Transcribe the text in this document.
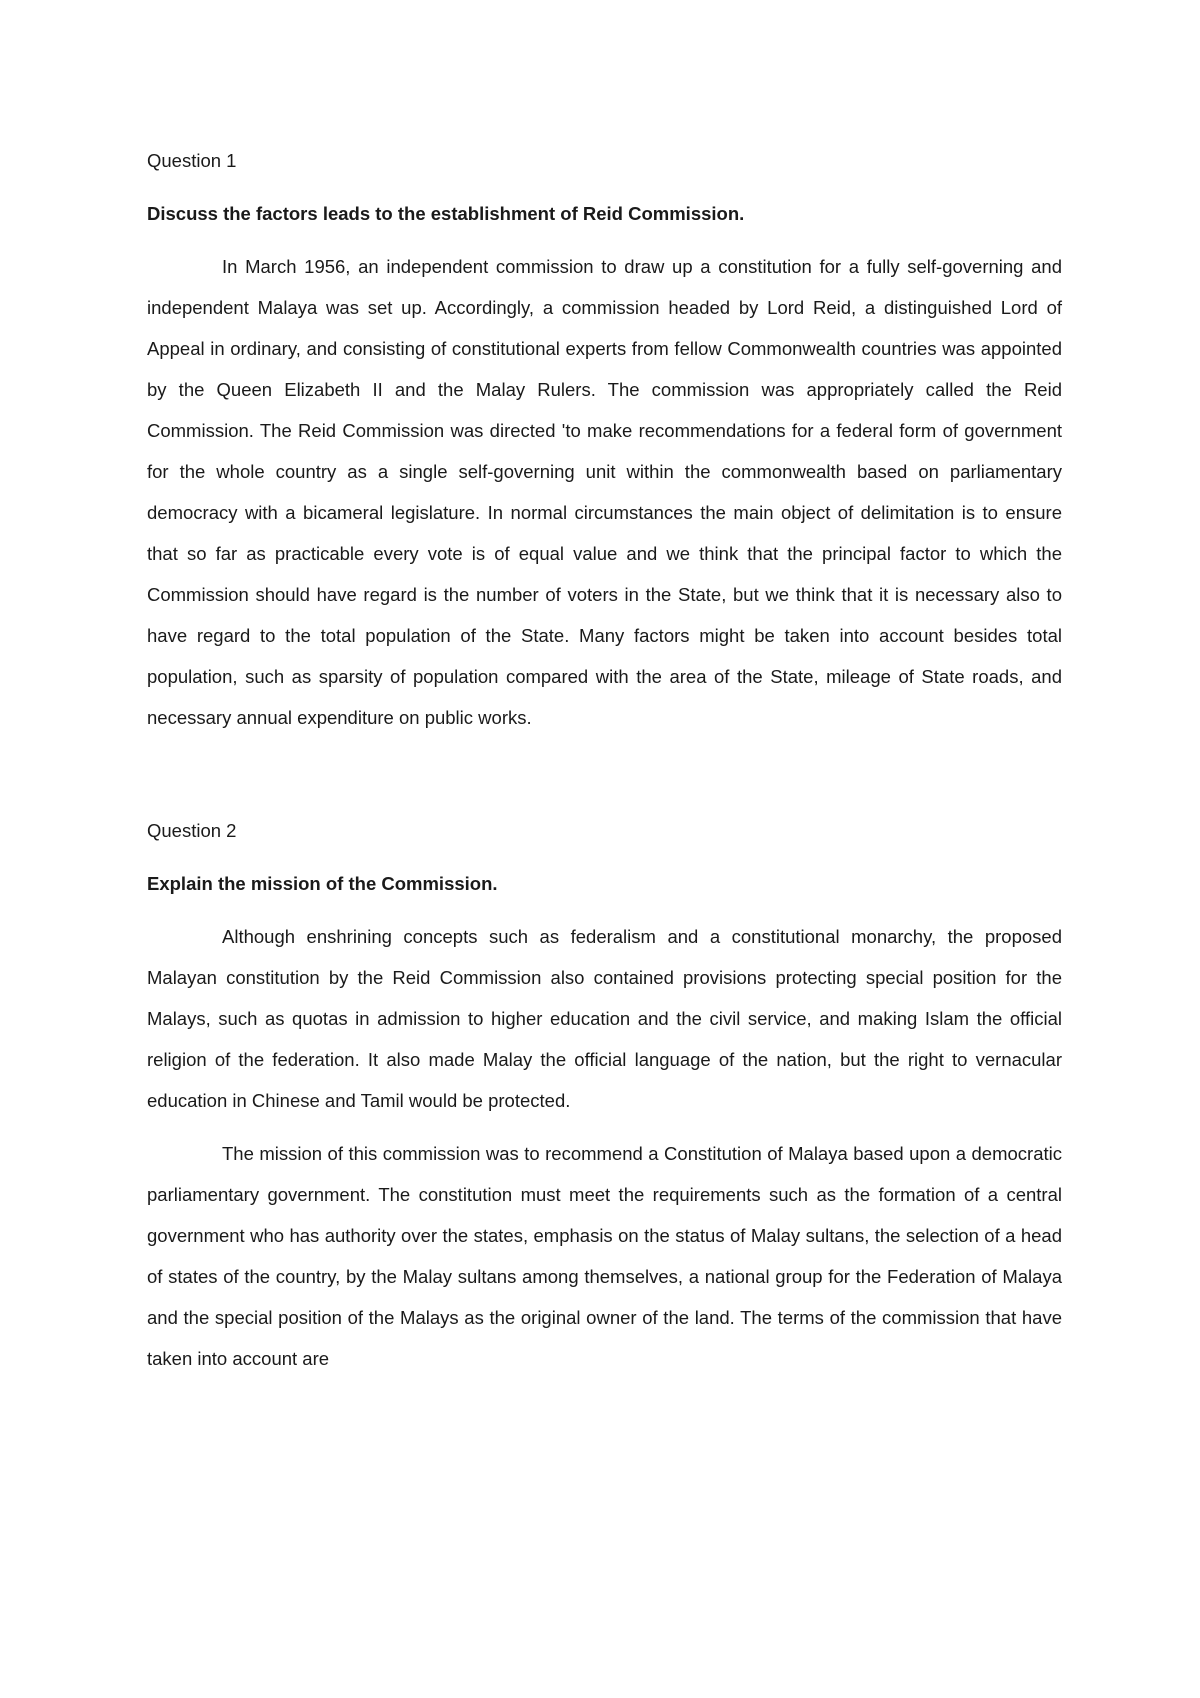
Question 1

Discuss the factors leads to the establishment of Reid Commission.

In March 1956, an independent commission to draw up a constitution for a fully self-governing and independent Malaya was set up. Accordingly, a commission headed by Lord Reid, a distinguished Lord of Appeal in ordinary, and consisting of constitutional experts from fellow Commonwealth countries was appointed by the Queen Elizabeth II and the Malay Rulers. The commission was appropriately called the Reid Commission. The Reid Commission was directed 'to make recommendations for a federal form of government for the whole country as a single self-governing unit within the commonwealth based on parliamentary democracy with a bicameral legislature. In normal circumstances the main object of delimitation is to ensure that so far as practicable every vote is of equal value and we think that the principal factor to which the Commission should have regard is the number of voters in the State, but we think that it is necessary also to have regard to the total population of the State. Many factors might be taken into account besides total population, such as sparsity of population compared with the area of the State, mileage of State roads, and necessary annual expenditure on public works.

Question 2

Explain the mission of the Commission.

Although enshrining concepts such as federalism and a constitutional monarchy, the proposed Malayan constitution by the Reid Commission also contained provisions protecting special position for the Malays, such as quotas in admission to higher education and the civil service, and making Islam the official religion of the federation. It also made Malay the official language of the nation, but the right to vernacular education in Chinese and Tamil would be protected.

The mission of this commission was to recommend a Constitution of Malaya based upon a democratic parliamentary government. The constitution must meet the requirements such as the formation of a central government who has authority over the states, emphasis on the status of Malay sultans, the selection of a head of states of the country, by the Malay sultans among themselves, a national group for the Federation of Malaya and the special position of the Malays as the original owner of the land. The terms of the commission that have taken into account are
